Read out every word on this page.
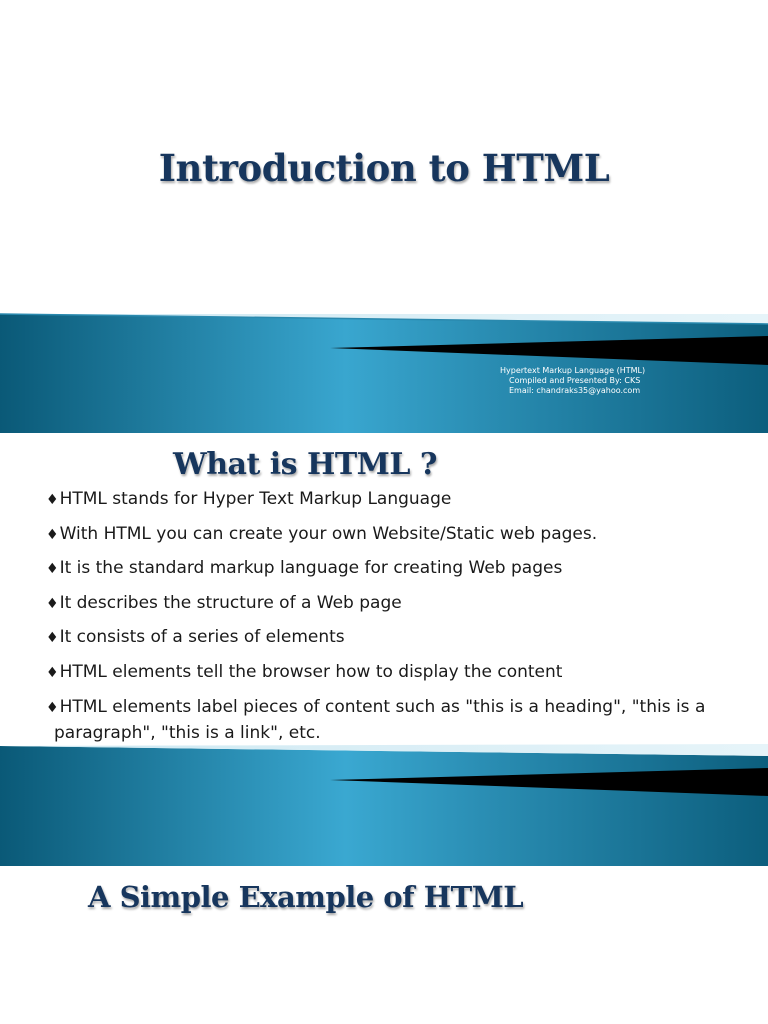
Introduction to HTML
Hypertext Markup Language (HTML)
Compiled and Presented By: CKS
Email: chandraks35@yahoo.com
What is HTML ?
♦HTML stands for Hyper Text Markup Language
♦With HTML you can create your own Website/Static web pages.
♦It is the standard markup language for creating Web pages
♦It describes the structure of a Web page
♦It consists of a series of elements
♦HTML elements tell the browser how to display the content
♦HTML elements label pieces of content such as "this is a heading", "this is a
paragraph", "this is a link", etc.
A Simple Example of HTML
